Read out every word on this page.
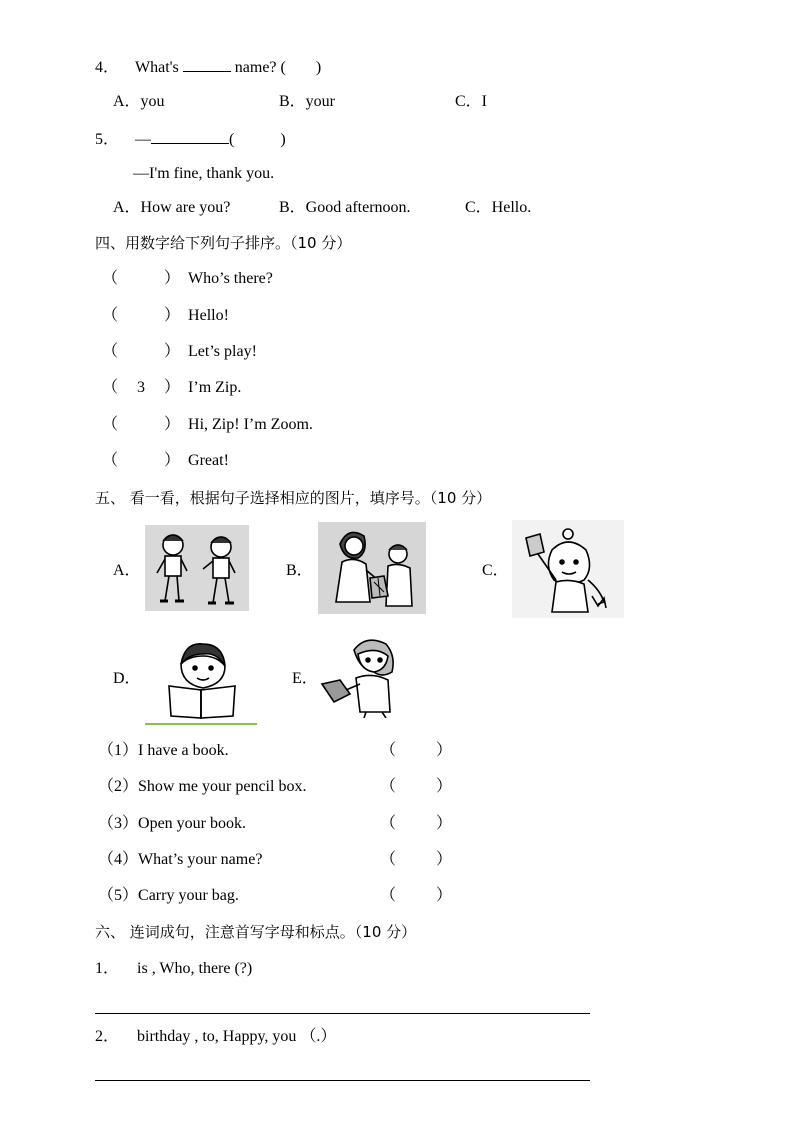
4． What's	name? ( )
A．you	B．your	C．I
5． —	(	)
—I'm fine, thank you.
A．How are you?	B．Good afternoon.	C．Hello.
四、用数字给下列句子排序。（10 分）
（	） Who’s there?
（	） Hello!
（	） Let’s play!
（ 3 ） I’m Zip.
（	） Hi, Zip! I’m Zoom.
（	） Great!
五、 看一看，根据句子选择相应的图片，填序号。（10 分）
A．	B．	C．
D．	E．
（1）I have a book.	（	）
（2）Show me your pencil box.	（	）
（3）Open your book.	（	）
（4）What’s your name?	（	）
（5）Carry your bag.	（	）
六、 连词成句，注意首写字母和标点。（10 分）
1． is , Who, there (?)
2． birthday , to, Happy, you （.）
